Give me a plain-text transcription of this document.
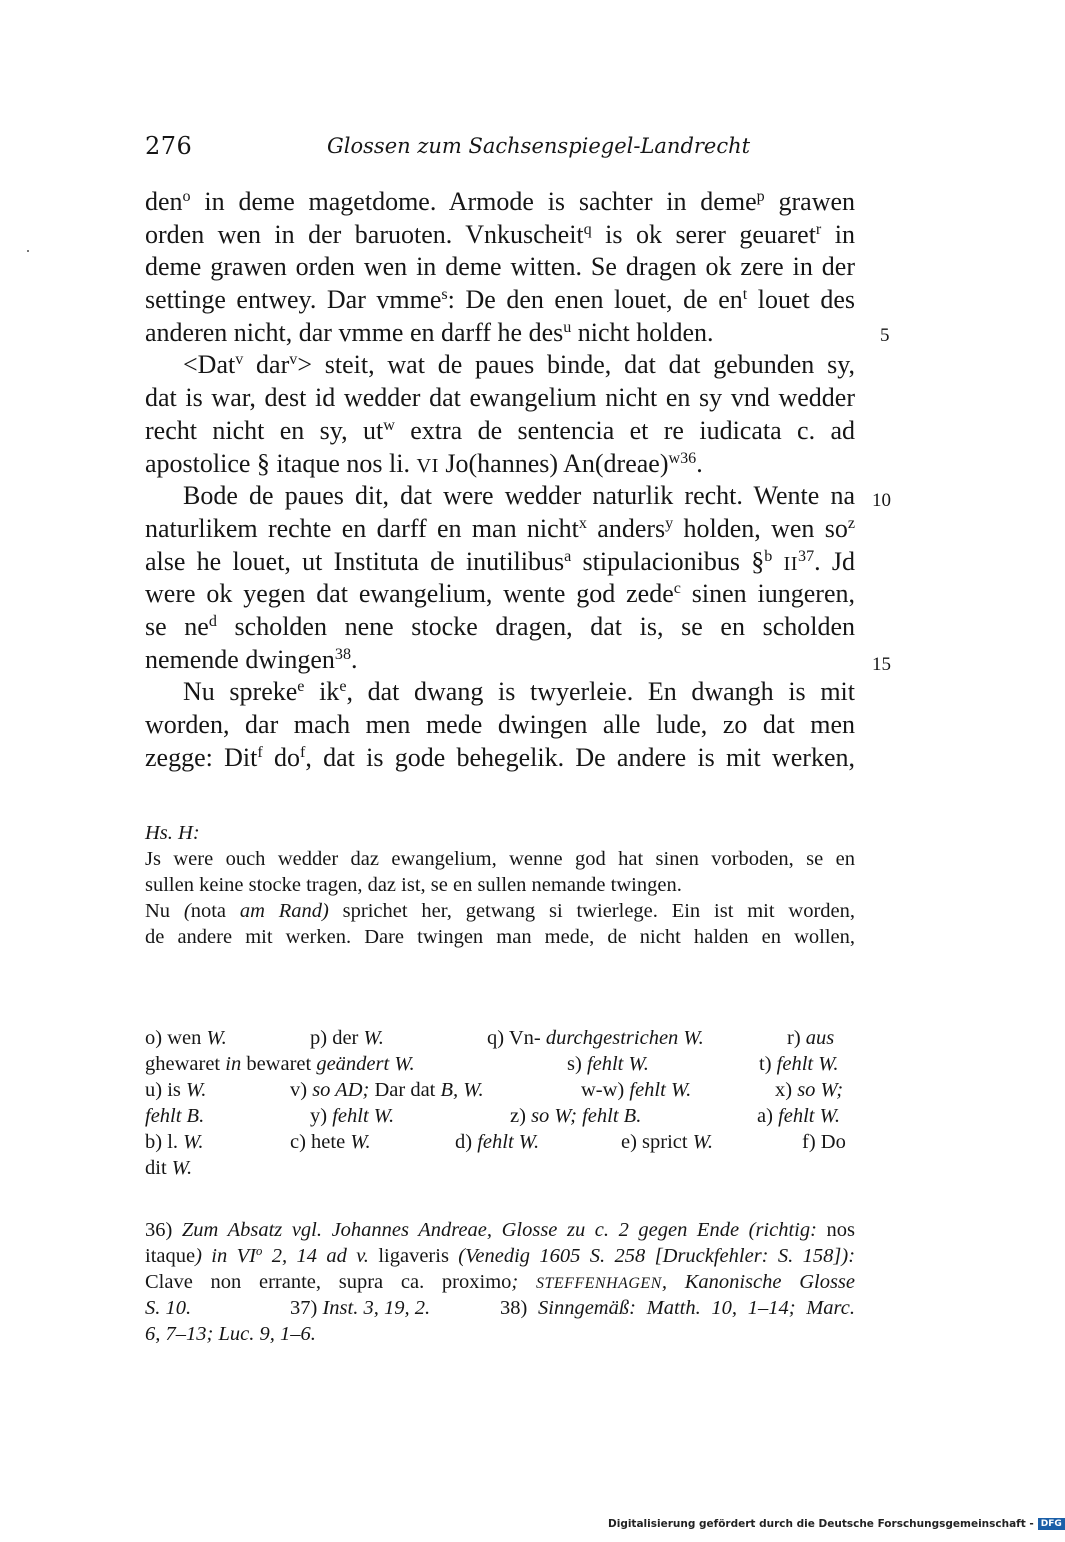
276	Glossen zum Sachsenspiegel-Landrecht
den$^o$ in deme magetdome. Armode is sachter in deme$^p$ grawen
orden wen in der baruoten. Vnkuscheit$^q$ is ok serer geuaret$^r$ in
deme grawen orden wen in deme witten. Se dragen ok zere in der
settinge entwey. Dar vmme$^s$: De den enen louet, de $en^t$ louet des
anderen nicht, dar vmme en darff he des$^u$ nicht holden.
<Dat$^v$ dar$^v$> steit, wat de paues binde, dat dat gebunden sy,
dat is war, dest id wedder dat ewangelium nicht en sy vnd wedder
recht nicht en sy, $ut^w$ extra de sentencia et re iudicata c. ad
apostolice § itaque nos li. VI Jo(hannes) An(dreae)$^{w36}$.
Bode de paues dit, dat were wedder naturlik recht. Wente na
naturlikem rechte en darff en man nicht$^x$ anders$^y$ holden, wen $so^z$
alse he louet, ut Instituta de inutilibus$^a$ stipulacionibus §$^b$ II$^{37}$. Jd
were ok yegen dat ewangelium, wente god zede$^c$ sinen iungeren,
se $ne^d$ scholden nene stocke dragen, dat is, se en scholden
nemende dwingen$^{38}$.
Nu spreke$^e$ $ik^e$, dat dwang is twyerleie. En dwangh is mit
worden, dar mach men mede dwingen alle lude, zo dat men
zegge: Dit$^f$ $do^f$, dat is gode behegelik. De andere is mit werken,
5
10
15
Hs. H:
Js were ouch wedder daz ewangelium, wenne god hat sinen vorboden, se en
sullen keine stocke tragen, daz ist, se en sullen nemande twingen.
Nu (nota am Rand) sprichet her, getwang si twierlege. Ein ist mit worden,
de andere mit werken. Dare twingen man mede, de nicht halden en wollen,
o) wen W.	p) der W.	q) Vn- durchgestrichen W.	r) aus
ghewaret in bewaret geändert W.	s) fehlt W.	t) fehlt W.
u) is W.	v) so AD; Dar dat B, W.	w-w) fehlt W.	x) so W;
fehlt B.	y) fehlt W.	z) so W; fehlt B.	a) fehlt W.
b) l. W.	c) hete W.	d) fehlt W.	e) sprict W.	f) Do
dit W.
36) Zum Absatz vgl. Johannes Andreae, Glosse zu c. 2 gegen Ende (richtig: nos
itaque) in $VI^o$ 2, 14 ad v. ligaveris (Venedig 1605 S. 258 [Druckfehler: S. 158]):
Clave non errante, supra ca. proximo; STEFFENHAGEN, Kanonische Glosse
S. 10.	37) Inst. 3, 19, 2.	38) Sinngemäß: Matth. 10, 1–14; Marc.
6, 7–13; Luc. 9, 1–6.
Digitalisierung gefördert durch die Deutsche Forschungsgemeinschaft - DFG
